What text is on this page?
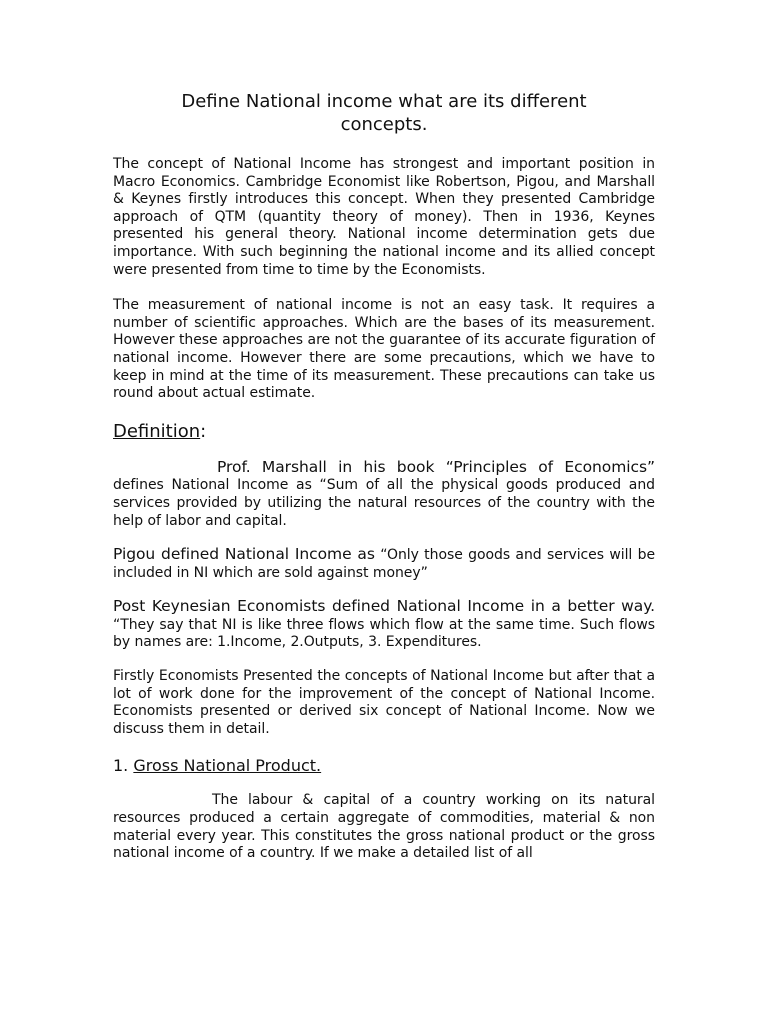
Define National income what are its different
concepts.

The concept of National Income has strongest and important position in Macro Economics. Cambridge Economist like Robertson, Pigou, and Marshall & Keynes firstly introduces this concept. When they presented Cambridge approach of QTM (quantity theory of money). Then in 1936, Keynes presented his general theory. National income determination gets due importance. With such beginning the national income and its allied concept were presented from time to time by the Economists.

The measurement of national income is not an easy task. It requires a number of scientific approaches. Which are the bases of its measurement. However these approaches are not the guarantee of its accurate figuration of national income. However there are some precautions, which we have to keep in mind at the time of its measurement. These precautions can take us round about actual estimate.

Definition:

Prof. Marshall in his book “Principles of Economics” defines National Income as “Sum of all the physical goods produced and services provided by utilizing the natural resources of the country with the help of labor and capital.

Pigou defined National Income as “Only those goods and services will be included in NI which are sold against money”

Post Keynesian Economists defined National Income in a better way. “They say that NI is like three flows which flow at the same time. Such flows by names are: 1.Income, 2.Outputs, 3. Expenditures.

Firstly Economists Presented the concepts of National Income but after that a lot of work done for the improvement of the concept of National Income. Economists presented or derived six concept of National Income. Now we discuss them in detail.

1. Gross National Product.

The labour & capital of a country working on its natural resources produced a certain aggregate of commodities, material & non material every year. This constitutes the gross national product or the gross national income of a country. If we make a detailed list of all
